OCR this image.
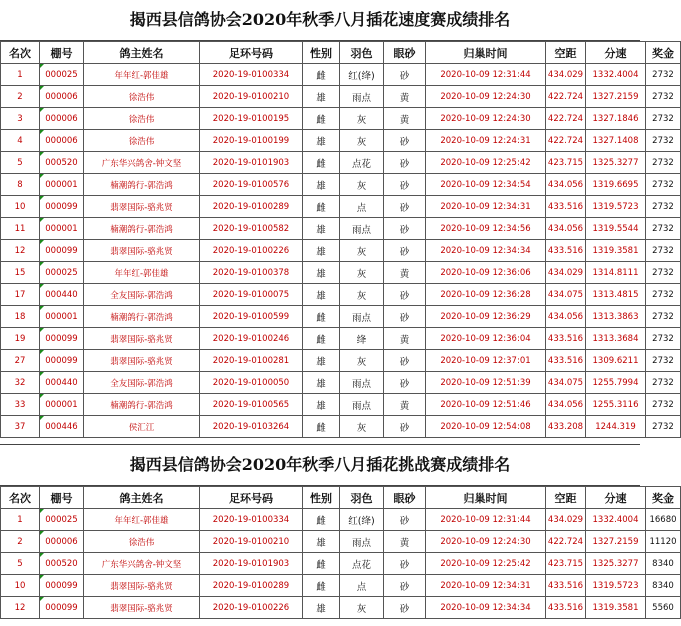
揭西县信鸽协会2020年秋季八月插花速度赛成绩排名
名次	棚号	鸽主姓名	足环号码	性别	羽色	眼砂	归巢时间	空距	分速	奖金
1	000025	年年红-郭佳雄	2020-19-0100334	雌	红(绛)	砂	2020-10-09 12:31:44	434.029	1332.4004	2732
2	000006	徐浩伟	2020-19-0100210	雄	雨点	黄	2020-10-09 12:24:30	422.724	1327.2159	2732
3	000006	徐浩伟	2020-19-0100195	雌	灰	黄	2020-10-09 12:24:30	422.724	1327.1846	2732
4	000006	徐浩伟	2020-19-0100199	雄	灰	砂	2020-10-09 12:24:31	422.724	1327.1408	2732
5	000520	广东华兴鸽舍-钟文坚	2020-19-0101903	雌	点花	砂	2020-10-09 12:25:42	423.715	1325.3277	2732
8	000001	楠潮鸽行-郭浩鸿	2020-19-0100576	雄	灰	砂	2020-10-09 12:34:54	434.056	1319.6695	2732
10	000099	翡翠国际-骆兆贤	2020-19-0100289	雌	点	砂	2020-10-09 12:34:31	433.516	1319.5723	2732
11	000001	楠潮鸽行-郭浩鸿	2020-19-0100582	雄	雨点	砂	2020-10-09 12:34:56	434.056	1319.5544	2732
12	000099	翡翠国际-骆兆贤	2020-19-0100226	雄	灰	砂	2020-10-09 12:34:34	433.516	1319.3581	2732
15	000025	年年红-郭佳雄	2020-19-0100378	雄	灰	黄	2020-10-09 12:36:06	434.029	1314.8111	2732
17	000440	全友国际-郭浩鸿	2020-19-0100075	雄	灰	砂	2020-10-09 12:36:28	434.075	1313.4815	2732
18	000001	楠潮鸽行-郭浩鸿	2020-19-0100599	雌	雨点	砂	2020-10-09 12:36:29	434.056	1313.3863	2732
19	000099	翡翠国际-骆兆贤	2020-19-0100246	雌	绛	黄	2020-10-09 12:36:04	433.516	1313.3684	2732
27	000099	翡翠国际-骆兆贤	2020-19-0100281	雄	灰	砂	2020-10-09 12:37:01	433.516	1309.6211	2732
32	000440	全友国际-郭浩鸿	2020-19-0100050	雄	雨点	砂	2020-10-09 12:51:39	434.075	1255.7994	2732
33	000001	楠潮鸽行-郭浩鸿	2020-19-0100565	雄	雨点	黄	2020-10-09 12:51:46	434.056	1255.3116	2732
37	000446	侯汇江	2020-19-0103264	雌	灰	砂	2020-10-09 12:54:08	433.208	1244.319	2732
揭西县信鸽协会2020年秋季八月插花挑战赛成绩排名
名次	棚号	鸽主姓名	足环号码	性别	羽色	眼砂	归巢时间	空距	分速	奖金
1	000025	年年红-郭佳雄	2020-19-0100334	雌	红(绛)	砂	2020-10-09 12:31:44	434.029	1332.4004	16680
2	000006	徐浩伟	2020-19-0100210	雄	雨点	黄	2020-10-09 12:24:30	422.724	1327.2159	11120
5	000520	广东华兴鸽舍-钟文坚	2020-19-0101903	雌	点花	砂	2020-10-09 12:25:42	423.715	1325.3277	8340
10	000099	翡翠国际-骆兆贤	2020-19-0100289	雌	点	砂	2020-10-09 12:34:31	433.516	1319.5723	8340
12	000099	翡翠国际-骆兆贤	2020-19-0100226	雄	灰	砂	2020-10-09 12:34:34	433.516	1319.3581	5560
